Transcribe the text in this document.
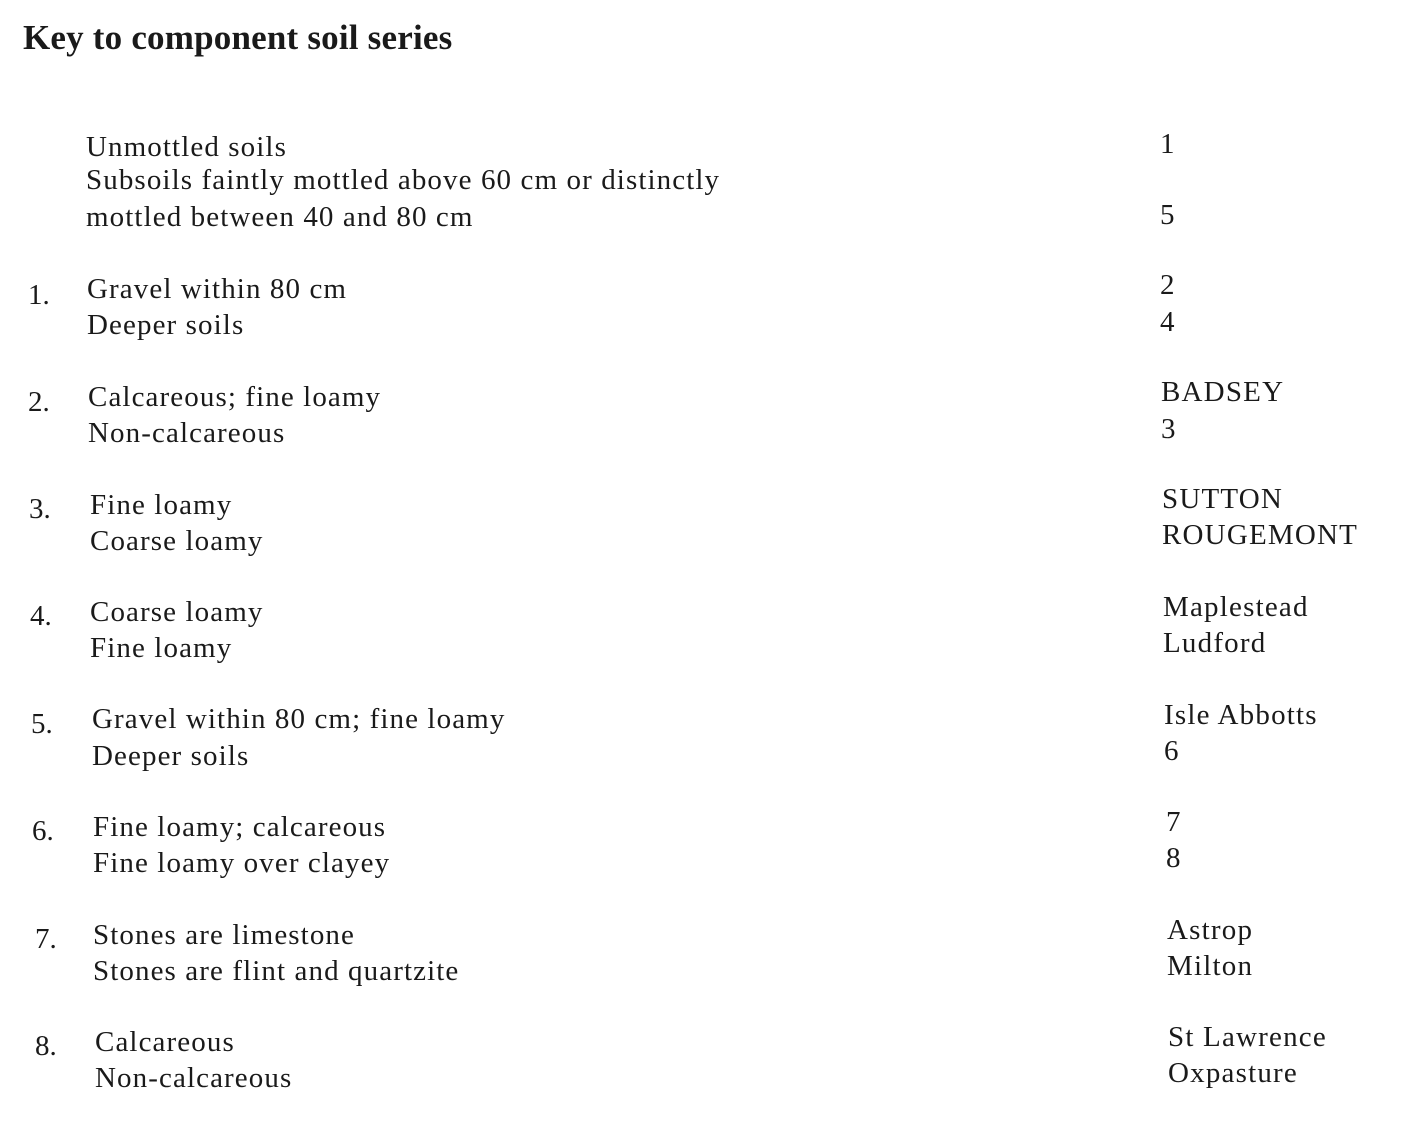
Key to component soil series
Unmottled soils	1
Subsoils faintly mottled above 60 cm or distinctly
mottled between 40 and 80 cm	5
1. Gravel within 80 cm	2
Deeper soils	4
2. Calcareous; fine loamy	BADSEY
Non-calcareous	3
3. Fine loamy	SUTTON
Coarse loamy	ROUGEMONT
4. Coarse loamy	Maplestead
Fine loamy	Ludford
5. Gravel within 80 cm; fine loamy	Isle Abbotts
Deeper soils	6
6. Fine loamy; calcareous	7
Fine loamy over clayey	8
7. Stones are limestone	Astrop
Stones are flint and quartzite	Milton
8. Calcareous	St Lawrence
Non-calcareous	Oxpasture
